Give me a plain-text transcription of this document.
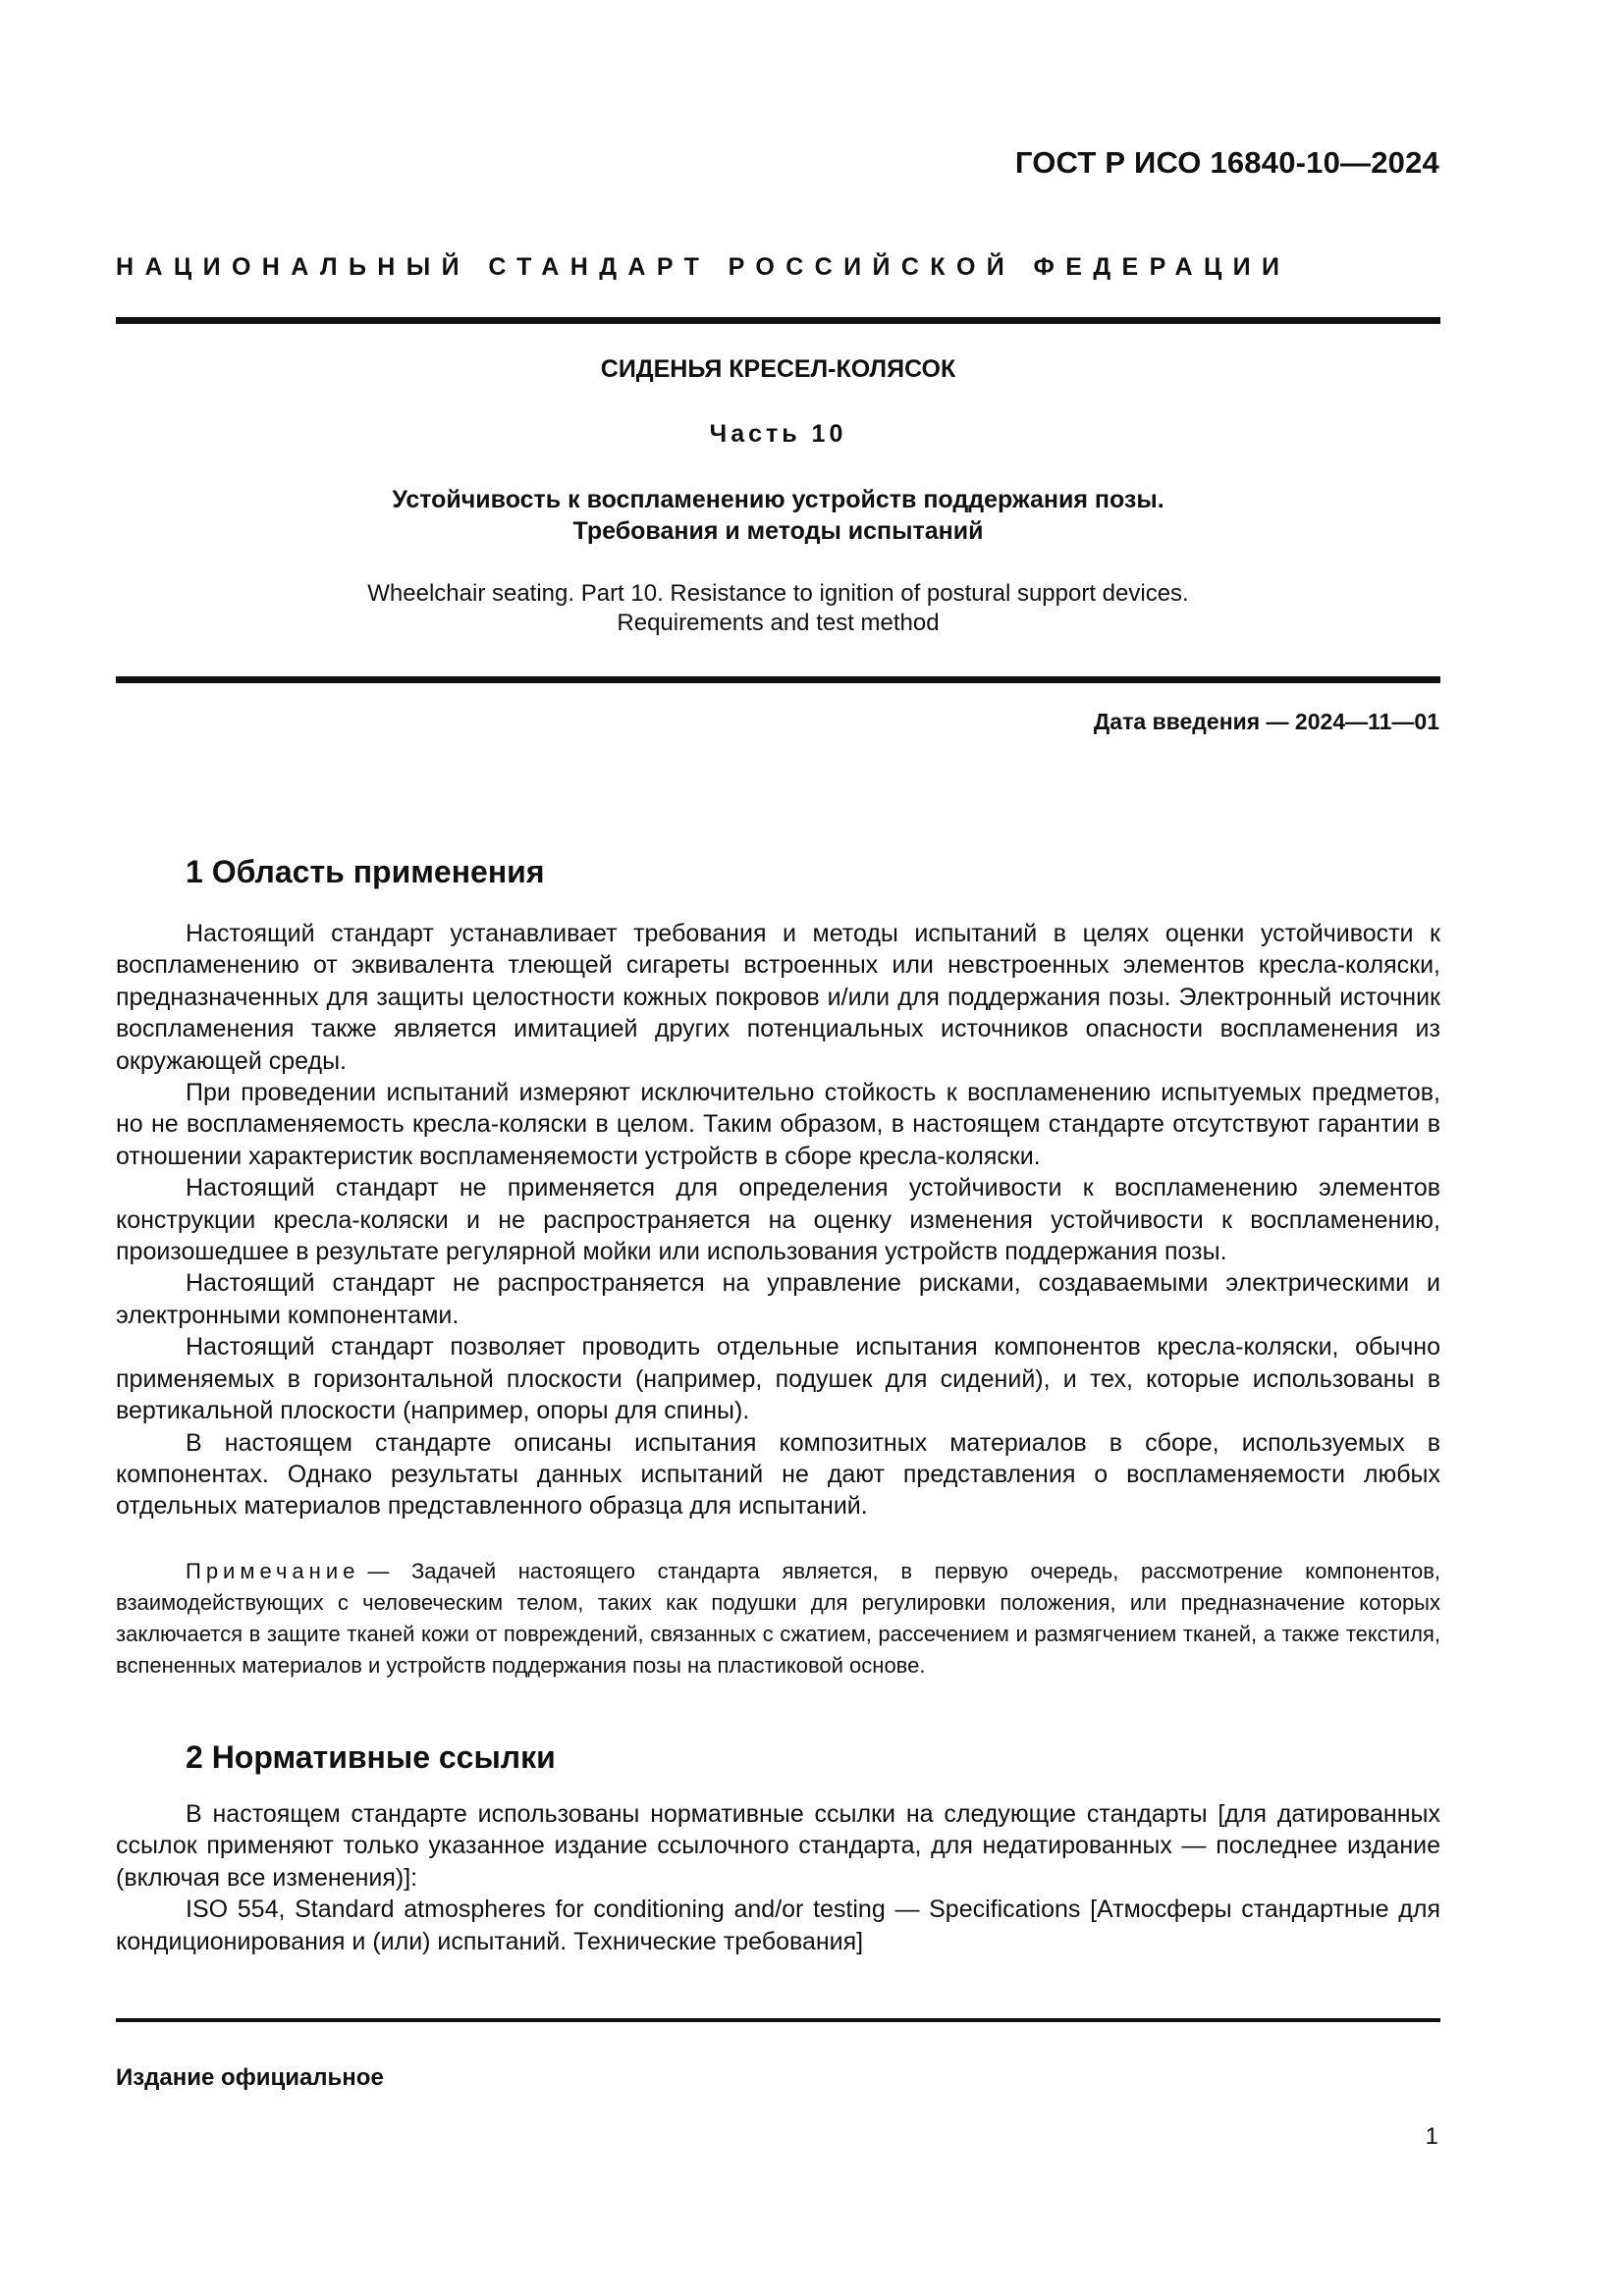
ГОСТ Р ИСО 16840-10—2024
НАЦИОНАЛЬНЫЙ СТАНДАРТ РОССИЙСКОЙ ФЕДЕРАЦИИ
СИДЕНЬЯ КРЕСЕЛ-КОЛЯСОК
Часть 10
Устойчивость к воспламенению устройств поддержания позы.
Требования и методы испытаний
Wheelchair seating. Part 10. Resistance to ignition of postural support devices.
Requirements and test method
Дата введения — 2024—11—01
1 Область применения

Настоящий стандарт устанавливает требования и методы испытаний в целях оценки устойчивости к воспламенению от эквивалента тлеющей сигареты встроенных или невстроенных элементов кресла-коляски, предназначенных для защиты целостности кожных покровов и/или для поддержания позы. Электронный источник воспламенения также является имитацией других потенциальных источников опасности воспламенения из окружающей среды.

При проведении испытаний измеряют исключительно стойкость к воспламенению испытуемых предметов, но не воспламеняемость кресла-коляски в целом. Таким образом, в настоящем стандарте отсутствуют гарантии в отношении характеристик воспламеняемости устройств в сборе кресла-коляски.

Настоящий стандарт не применяется для определения устойчивости к воспламенению элементов конструкции кресла-коляски и не распространяется на оценку изменения устойчивости к воспламенению, произошедшее в результате регулярной мойки или использования устройств поддержания позы.

Настоящий стандарт не распространяется на управление рисками, создаваемыми электрическими и электронными компонентами.

Настоящий стандарт позволяет проводить отдельные испытания компонентов кресла-коляски, обычно применяемых в горизонтальной плоскости (например, подушек для сидений), и тех, которые использованы в вертикальной плоскости (например, опоры для спины).

В настоящем стандарте описаны испытания композитных материалов в сборе, используемых в компонентах. Однако результаты данных испытаний не дают представления о воспламеняемости любых отдельных материалов представленного образца для испытаний.

Примечание — Задачей настоящего стандарта является, в первую очередь, рассмотрение компонентов, взаимодействующих с человеческим телом, таких как подушки для регулировки положения, или предназначение которых заключается в защите тканей кожи от повреждений, связанных с сжатием, рассечением и размягчением тканей, а также текстиля, вспененных материалов и устройств поддержания позы на пластиковой основе.
2 Нормативные ссылки

В настоящем стандарте использованы нормативные ссылки на следующие стандарты [для датированных ссылок применяют только указанное издание ссылочного стандарта, для недатированных — последнее издание (включая все изменения)]:

ISO 554, Standard atmospheres for conditioning and/or testing — Specifications [Атмосферы стандартные для кондиционирования и (или) испытаний. Технические требования]

Издание официальное
1
